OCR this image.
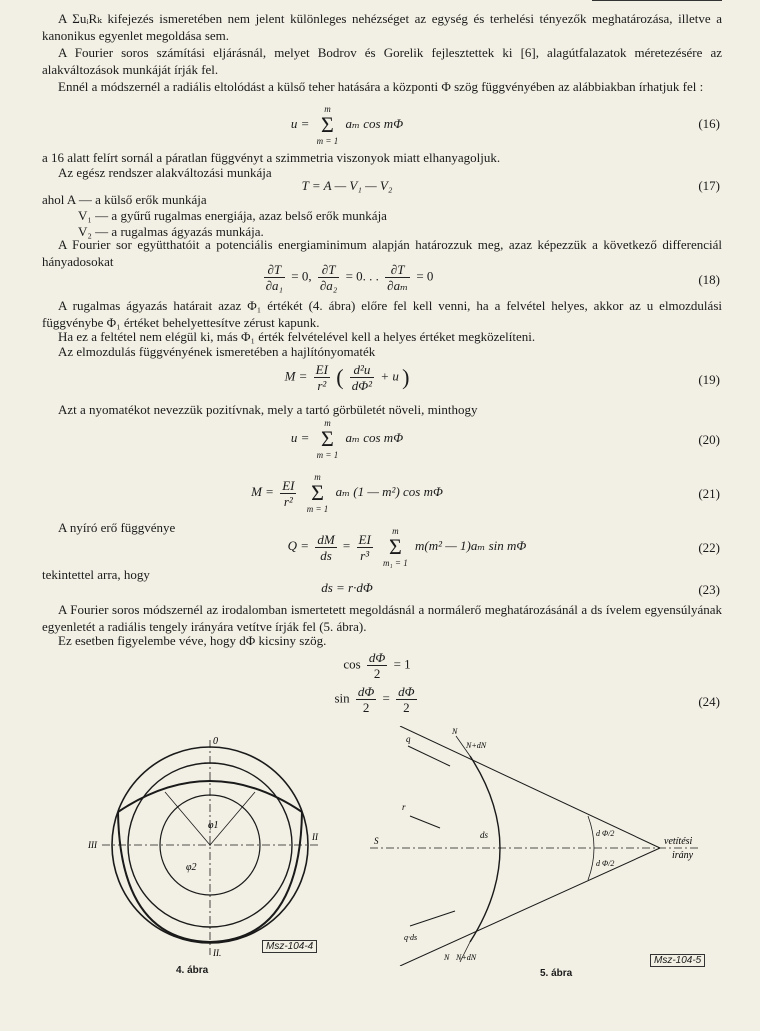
A ΣuᵢRₖ kifejezés ismeretében nem jelent különleges nehézséget az egység és terhelési tényezők meghatározása, illetve a kanonikus egyenlet megoldása sem.

A Fourier soros számítási eljárásnál, melyet Bodrov és Gorelik fejlesztettek ki [6], alagútfalazatok méretezésére az alakváltozások munkáját írják fel.

Ennél a módszernél a radiális eltolódást a külső teher hatására a központi Φ szög függvényében az alábbiakban írhatjuk fel :

u =
m
Σ
m = 1
aₘ cos mΦ	(16)

a 16 alatt felírt sornál a páratlan függvényt a szimmetria viszonyok miatt elhanyagoljuk.

Az egész rendszer alakváltozási munkája

T = A — V₁ — V₂	(17)
ahol A — a külső erők munkája
V₁ — a gyűrű rugalmas energiája, azaz belső erők munkája
V₂ — a rugalmas ágyazás munkája.

A Fourier sor együtthatóit a potenciális energiaminimum alapján határozzuk meg, azaz képezzük a következő differenciál hányadosokat

$\frac{\partial T}{\text{∂a₁}} = 0$, $\frac{\partial T}{\text{∂a₂}} = 0$. . . $\frac{\partial T}{\text{∂aₘ}} = 0$	(18)

A rugalmas ágyazás határait azaz Φ₁ értékét (4. ábra) előre fel kell venni, ha a felvétel helyes, akkor az u elmozdulási függvénybe Φ₁ értéket behelyettesítve zérust kapunk.

Ha ez a feltétel nem elégül ki, más Φ₁ érték felvételével kell a helyes értéket megközelíteni.

Az elmozdulás függvényének ismeretében a hajlítónyomaték

$M = \frac{EI}{\text{r²}}$ ( $\frac{\text{d²u}}{\text{dΦ²}} + u$ )	(19)

Azt a nyomatékot nevezzük pozitívnak, mely a tartó görbületét növeli, minthogy

u =
m
Σ
m = 1
aₘ cos mΦ	(20)
$M = \frac{EI}{\text{r²}}$

m
Σ
m = 1
aₘ (1 — m²) cos mΦ	(21)

A nyíró erő függvénye

$Q = \frac{dM}{ds} = \frac{EI}{\text{r³}}$

m
Σ
m₁ = 1
m(m² — 1)aₘ sin mΦ	(22)

tekintettel arra, hogy

ds = r·dΦ	(23)

A Fourier soros módszernél az irodalomban ismertetett megoldásnál a normálerő meghatározásánál a ds ívelem egyensúlyának egyenletét a radiális tengely irányára vetítve írják fel (5. ábra).

Ez esetben figyelembe véve, hogy dΦ kicsiny szög.

$\cos \frac{d\Phi}{2} = 1$
$\sin \frac{d\Phi}{2} = \frac{d\Phi}{2}$	(24)
0
II.
III
II
φ1
φ2
Msz-104-4
4. ábra
vetítési
irány
d Φ/2
d Φ/2
ds
r
q
q·ds
N
N+dN
N+dN
N
S
Msz-104-5
5. ábra
